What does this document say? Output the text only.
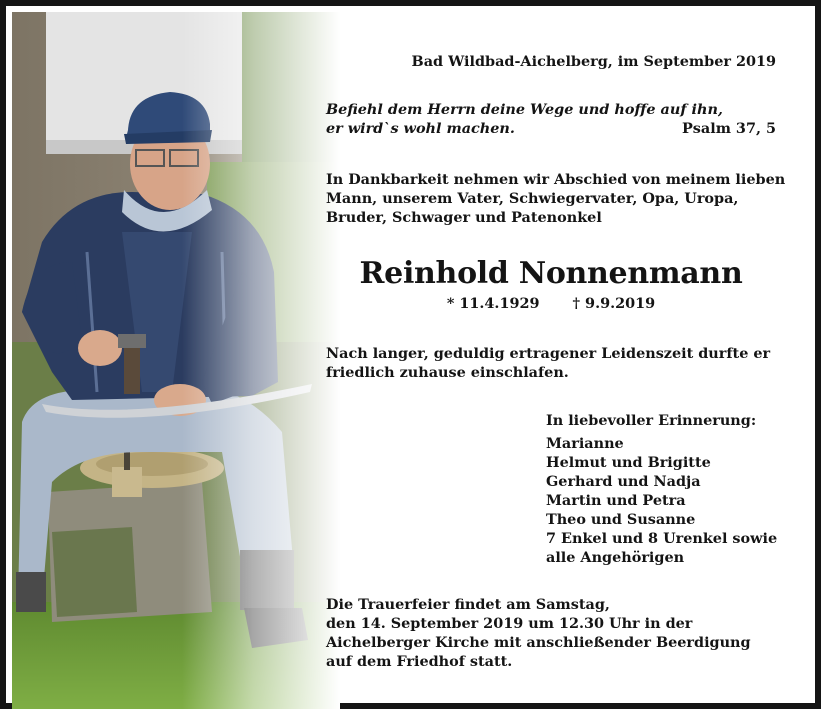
Bad Wildbad-Aichelberg, im September 2019
Befiehl dem Herrn deine Wege und hoffe auf ihn,
er wird`s wohl machen.	Psalm 37, 5
In Dankbarkeit nehmen wir Abschied von meinem lieben
Mann, unserem Vater, Schwiegervater, Opa, Uropa,
Bruder, Schwager und Patenonkel
Reinhold Nonnenmann
* 11.4.1929 † 9.9.2019
Nach langer, geduldig ertragener Leidenszeit durfte er
friedlich zuhause einschlafen.
In liebevoller Erinnerung:
Marianne
Helmut und Brigitte
Gerhard und Nadja
Martin und Petra
Theo und Susanne
7 Enkel und 8 Urenkel sowie
alle Angehörigen
Die Trauerfeier findet am Samstag,
den 14. September 2019 um 12.30 Uhr in der
Aichelberger Kirche mit anschließender Beerdigung
auf dem Friedhof statt.
